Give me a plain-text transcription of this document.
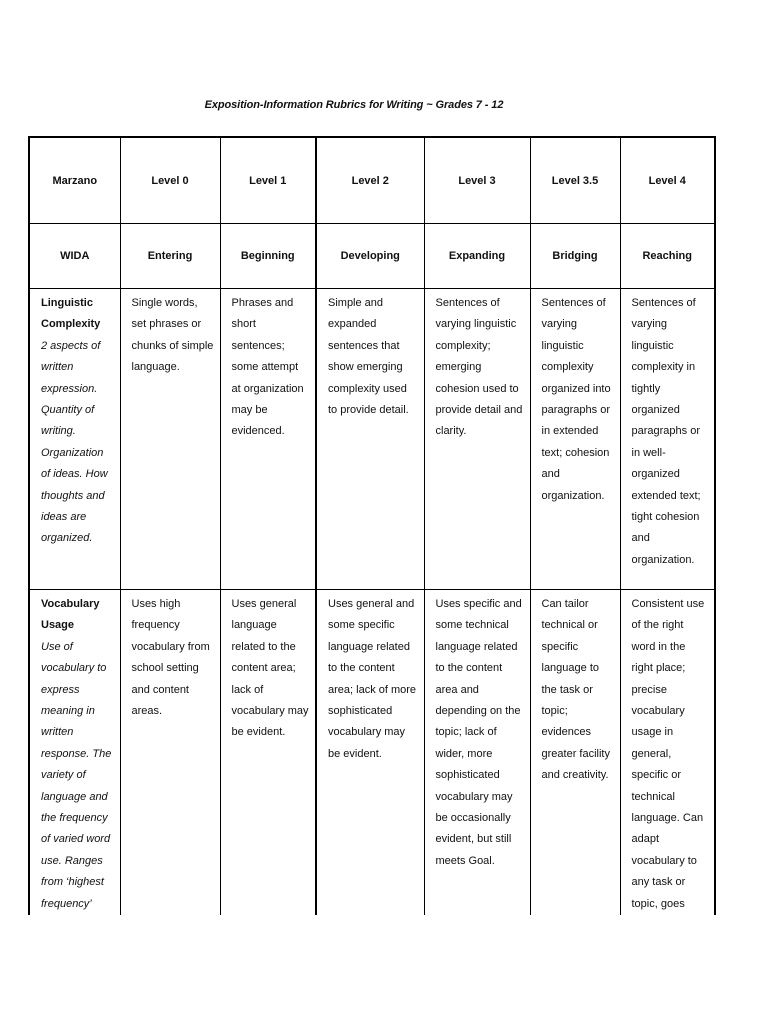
Exposition-Information Rubrics for Writing ~ Grades 7 - 12
Marzano	Level 0	Level 1	Level 2	Level 3	Level 3.5	Level 4
WIDA	Entering	Beginning	Developing	Expanding	Bridging	Reaching

Linguistic Complexity
2 aspects of written expression. Quantity of writing. Organization of ideas. How thoughts and ideas are organized.	Single words, set phrases or chunks of simple language.	Phrases and short sentences; some attempt at organization may be evidenced.	Simple and expanded sentences that show emerging complexity used to provide detail.	Sentences of varying linguistic complexity; emerging cohesion used to provide detail and clarity.	Sentences of varying linguistic complexity organized into paragraphs or in extended text; cohesion and organization.	Sentences of varying linguistic complexity in tightly organized paragraphs or in well-organized extended text; tight cohesion and organization.

Vocabulary Usage
Use of vocabulary to express meaning in written response. The variety of language and the frequency of varied word use. Ranges from ‘highest frequency’	Uses high frequency vocabulary from school setting and content areas.	Uses general language related to the content area; lack of vocabulary may be evident.	Uses general and some specific language related to the content area; lack of more sophisticated vocabulary may be evident.	Uses specific and some technical language related to the content area and depending on the topic; lack of wider, more sophisticated vocabulary may be occasionally evident, but still meets Goal.	Can tailor technical or specific language to the task or topic; evidences greater facility and creativity.	Consistent use of the right word in the right place; precise vocabulary usage in general, specific or technical language. Can adapt vocabulary to any task or topic, goes
